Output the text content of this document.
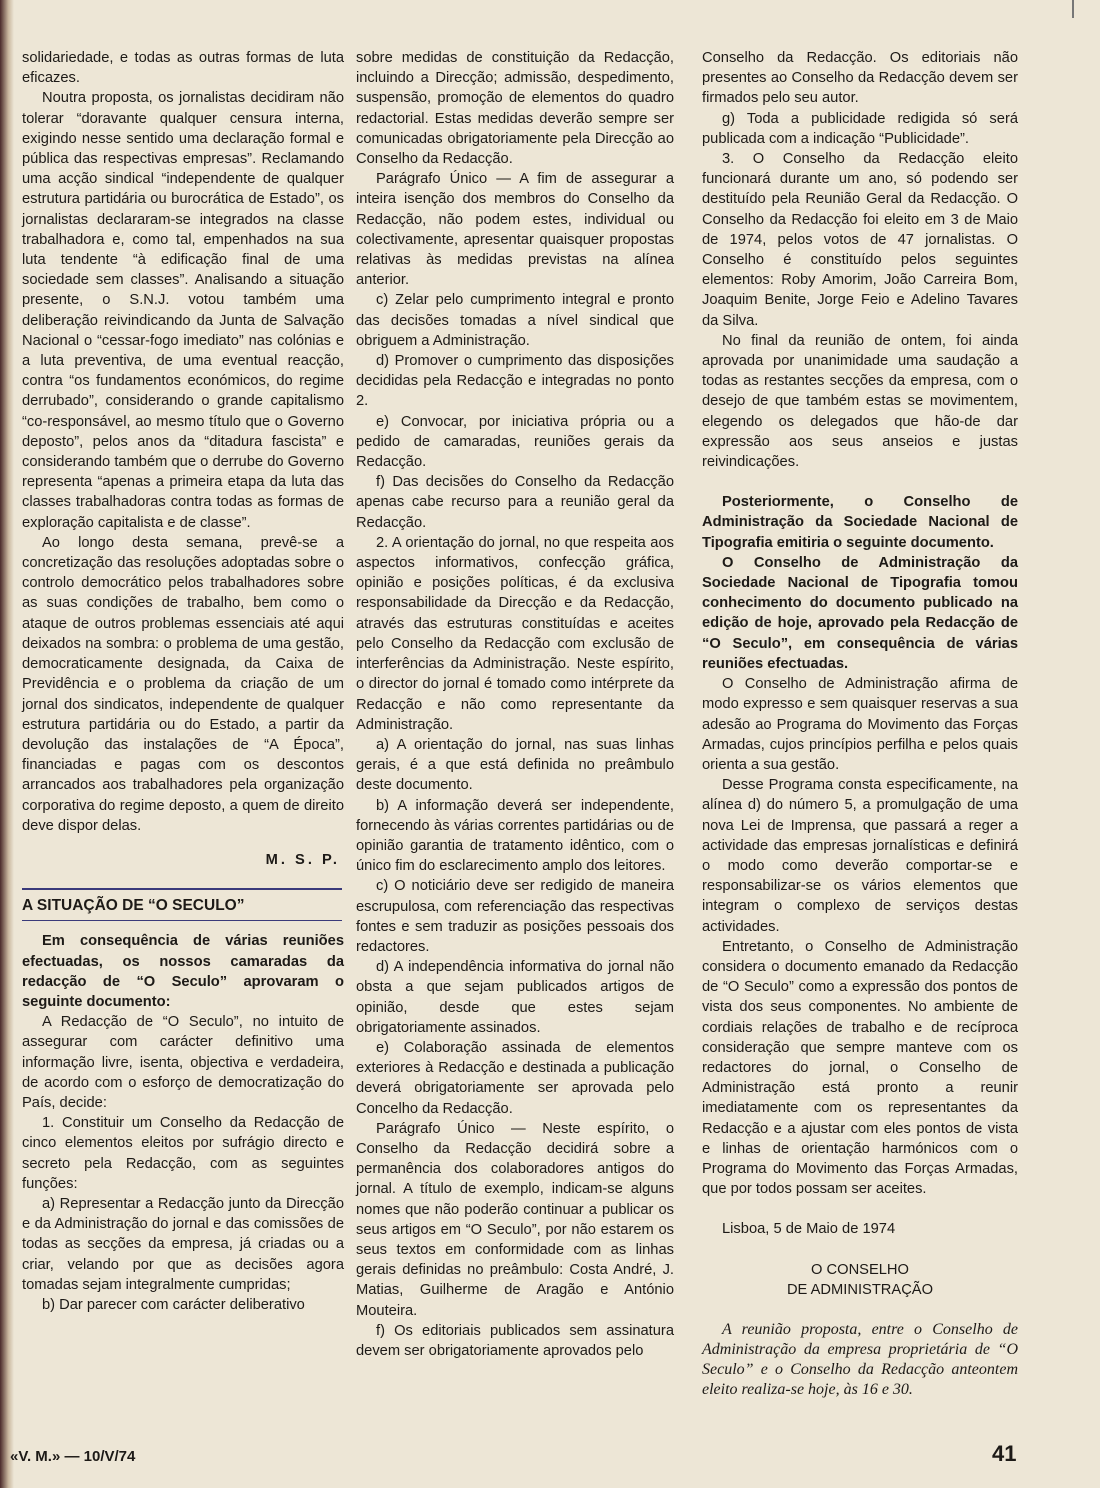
solidariedade, e todas as outras formas de luta eficazes.

Noutra proposta, os jornalistas decidiram não tolerar “doravante qualquer censura interna, exigindo nesse sentido uma declaração formal e pública das respectivas empresas”. Reclamando uma acção sindical “independente de qualquer estrutura partidária ou burocrática de Estado”, os jornalistas declararam-se integrados na classe trabalhadora e, como tal, empenhados na sua luta tendente “à edificação final de uma sociedade sem classes”. Analisando a situação presente, o S.N.J. votou também uma deliberação reivindicando da Junta de Salvação Nacional o “cessar-fogo imediato” nas colónias e a luta preventiva, de uma eventual reacção, contra “os fundamentos económicos, do regime derrubado”, considerando o grande capitalismo “co-responsável, ao mesmo título que o Governo deposto”, pelos anos da “ditadura fascista” e considerando também que o derrube do Governo representa “apenas a primeira etapa da luta das classes trabalhadoras contra todas as formas de exploração capitalista e de classe”.

Ao longo desta semana, prevê-se a concretização das resoluções adoptadas sobre o controlo democrático pelos trabalhadores sobre as suas condições de trabalho, bem como o ataque de outros problemas essenciais até aqui deixados na sombra: o problema de uma gestão, democraticamente designada, da Caixa de Previdência e o problema da criação de um jornal dos sindicatos, independente de qualquer estrutura partidária ou do Estado, a partir da devolução das instalações de “A Época”, financiadas e pagas com os descontos arrancados aos trabalhadores pela organização corporativa do regime deposto, a quem de direito deve dispor delas.

M. S. P.

A SITUAÇÃO DE “O SECULO”

Em consequência de várias reuniões efectuadas, os nossos camaradas da redacção de “O Seculo” aprovaram o seguinte documento:

A Redacção de “O Seculo”, no intuito de assegurar com carácter definitivo uma informação livre, isenta, objectiva e verdadeira, de acordo com o esforço de democratização do País, decide:

1. Constituir um Conselho da Redacção de cinco elementos eleitos por sufrágio directo e secreto pela Redacção, com as seguintes funções:

a) Representar a Redacção junto da Direcção e da Administração do jornal e das comissões de todas as secções da empresa, já criadas ou a criar, velando por que as decisões agora tomadas sejam integralmente cumpridas;

b) Dar parecer com carácter deliberativo

sobre medidas de constituição da Redacção, incluindo a Direcção; admissão, despedimento, suspensão, promoção de elementos do quadro redactorial. Estas medidas deverão sempre ser comunicadas obrigatoriamente pela Direcção ao Conselho da Redacção.

Parágrafo Único — A fim de assegurar a inteira isenção dos membros do Conselho da Redacção, não podem estes, individual ou colectivamente, apresentar quaisquer propostas relativas às medidas previstas na alínea anterior.

c) Zelar pelo cumprimento integral e pronto das decisões tomadas a nível sindical que obriguem a Administração.

d) Promover o cumprimento das disposições decididas pela Redacção e integradas no ponto 2.

e) Convocar, por iniciativa própria ou a pedido de camaradas, reuniões gerais da Redacção.

f) Das decisões do Conselho da Redacção apenas cabe recurso para a reunião geral da Redacção.

2. A orientação do jornal, no que respeita aos aspectos informativos, confecção gráfica, opinião e posições políticas, é da exclusiva responsabilidade da Direcção e da Redacção, através das estruturas constituídas e aceites pelo Conselho da Redacção com exclusão de interferências da Administração. Neste espírito, o director do jornal é tomado como intérprete da Redacção e não como representante da Administração.

a) A orientação do jornal, nas suas linhas gerais, é a que está definida no preâmbulo deste documento.

b) A informação deverá ser independente, fornecendo às várias correntes partidárias ou de opinião garantia de tratamento idêntico, com o único fim do esclarecimento amplo dos leitores.

c) O noticiário deve ser redigido de maneira escrupulosa, com referenciação das respectivas fontes e sem traduzir as posições pessoais dos redactores.

d) A independência informativa do jornal não obsta a que sejam publicados artigos de opinião, desde que estes sejam obrigatoriamente assinados.

e) Colaboração assinada de elementos exteriores à Redacção e destinada a publicação deverá obrigatoriamente ser aprovada pelo Concelho da Redacção.

Parágrafo Único — Neste espírito, o Conselho da Redacção decidirá sobre a permanência dos colaboradores antigos do jornal. A título de exemplo, indicam-se alguns nomes que não poderão continuar a publicar os seus artigos em “O Seculo”, por não estarem os seus textos em conformidade com as linhas gerais definidas no preâmbulo: Costa André, J. Matias, Guilherme de Aragão e António Mouteira.

f) Os editoriais publicados sem assinatura devem ser obrigatoriamente aprovados pelo

Conselho da Redacção. Os editoriais não presentes ao Conselho da Redacção devem ser firmados pelo seu autor.

g) Toda a publicidade redigida só será publicada com a indicação “Publicidade”.

3. O Conselho da Redacção eleito funcionará durante um ano, só podendo ser destituído pela Reunião Geral da Redacção. O Conselho da Redacção foi eleito em 3 de Maio de 1974, pelos votos de 47 jornalistas. O Conselho é constituído pelos seguintes elementos: Roby Amorim, João Carreira Bom, Joaquim Benite, Jorge Feio e Adelino Tavares da Silva.

No final da reunião de ontem, foi ainda aprovada por unanimidade uma saudação a todas as restantes secções da empresa, com o desejo de que também estas se movimentem, elegendo os delegados que hão-de dar expressão aos seus anseios e justas reivindicações.

Posteriormente, o Conselho de Administração da Sociedade Nacional de Tipografia emitiria o seguinte documento.

O Conselho de Administração da Sociedade Nacional de Tipografia tomou conhecimento do documento publicado na edição de hoje, aprovado pela Redacção de “O Seculo”, em consequência de várias reuniões efectuadas.

O Conselho de Administração afirma de modo expresso e sem quaisquer reservas a sua adesão ao Programa do Movimento das Forças Armadas, cujos princípios perfilha e pelos quais orienta a sua gestão.

Desse Programa consta especificamente, na alínea d) do número 5, a promulgação de uma nova Lei de Imprensa, que passará a reger a actividade das empresas jornalísticas e definirá o modo como deverão comportar-se e responsabilizar-se os vários elementos que integram o complexo de serviços destas actividades.

Entretanto, o Conselho de Administração considera o documento emanado da Redacção de “O Seculo” como a expressão dos pontos de vista dos seus componentes. No ambiente de cordiais relações de trabalho e de recíproca consideração que sempre manteve com os redactores do jornal, o Conselho de Administração está pronto a reunir imediatamente com os representantes da Redacção e a ajustar com eles pontos de vista e linhas de orientação harmónicos com o Programa do Movimento das Forças Armadas, que por todos possam ser aceites.

Lisboa, 5 de Maio de 1974

O CONSELHO

DE ADMINISTRAÇÃO

A reunião proposta, entre o Conselho de Administração da empresa proprietária de “O Seculo” e o Conselho da Redacção anteontem eleito realiza-se hoje, às 16 e 30.

«V. M.» — 10/V/74	41
